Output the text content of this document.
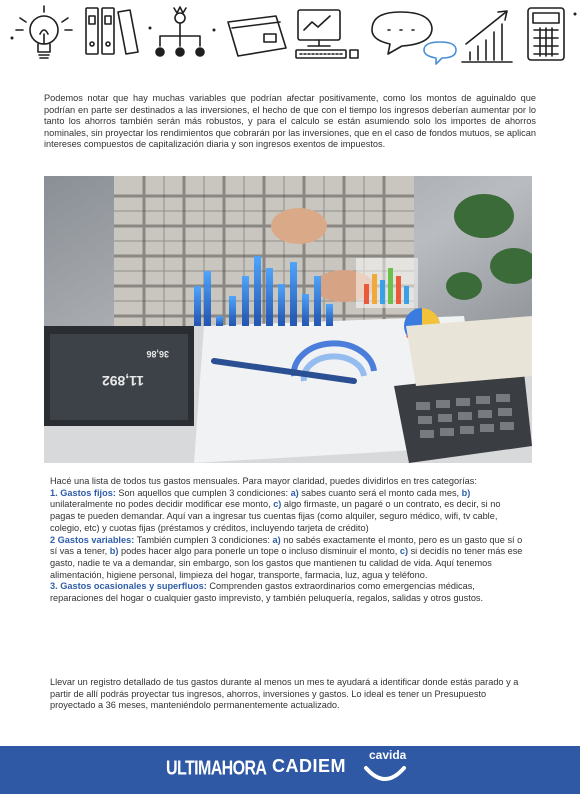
Podemos notar que hay muchas variables que podrían afectar positivamente, como los montos de aguinaldo que podrían en parte ser destinados a las inversiones, el hecho de que con el tiempo los ingresos deberían aumentar por lo tanto los ahorros también serán más robustos, y para el calculo se están asumiendo solo los importes de ahorros nominales, sin proyectar los rendimientos que cobrarán por las inversiones, que en el caso de fondos mutuos, se aplican intereses compuestos de capitalización diaria y son ingresos exentos de impuestos.

11,892
36,86

Hacé una lista de todos tus gastos mensuales. Para mayor claridad, puedes dividirlos en tres categorías:

1. Gastos fijos: Son aquellos que cumplen 3 condiciones: a) sabes cuanto será el monto cada mes, b) unilateralmente no podes decidir modificar ese monto, c) algo firmaste, un pagaré o un contrato, es decir, si no pagas te pueden demandar. Aquí van a ingresar tus cuentas fijas (como alquiler, seguro médico, wifi, tv cable, colegio, etc) y cuotas fijas (préstamos y créditos, incluyendo tarjeta de crédito)

2 Gastos variables: También cumplen 3 condiciones: a) no sabés exactamente el monto, pero es un gasto que sí o sí vas a tener, b) podes hacer algo para ponerle un tope o incluso disminuir el monto, c) si decidís no tener más ese gasto, nadie te va a demandar, sin embargo, son los gastos que mantienen tu calidad de vida. Aquí tenemos alimentación, higiene personal, limpieza del hogar, transporte, farmacia, luz, agua y teléfono.

3. Gastos ocasionales y superfluos: Comprenden gastos extraordinarios como emergencias médicas, reparaciones del hogar o cualquier gasto imprevisto, y también peluquería, regalos, salidas y otros gustos.

Llevar un registro detallado de tus gastos durante al menos un mes te ayudará a identificar donde estás parado y a partir de allí podrás proyectar tus ingresos, ahorros, inversiones y gastos. Lo ideal es tener un Presupuesto proyectado a 36 meses, manteniéndolo permanentemente actualizado.

ULTIMAHORA CADIEM
cavida
